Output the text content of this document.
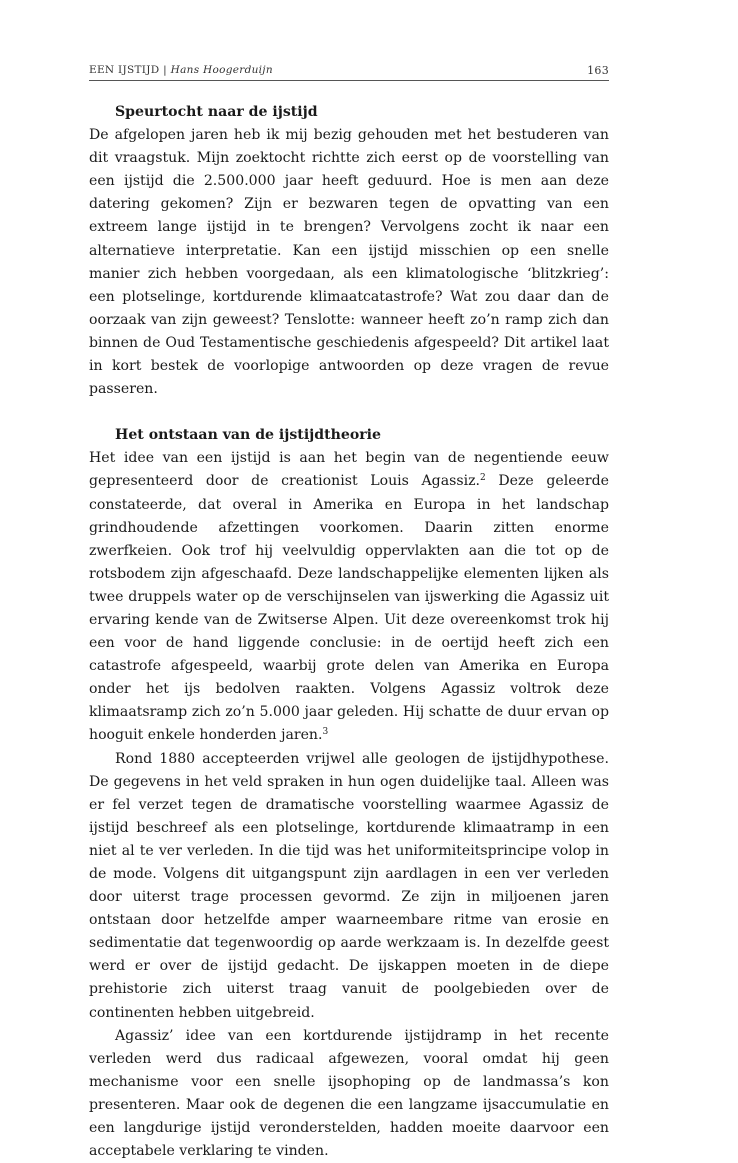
EEN IJSTIJD | Hans Hoogerduijn	163
Speurtocht naar de ijstijd

De afgelopen jaren heb ik mij bezig gehouden met het bestuderen van dit vraagstuk. Mijn zoektocht richtte zich eerst op de voorstelling van een ijstijd die 2.500.000 jaar heeft geduurd. Hoe is men aan deze datering gekomen? Zijn er bezwaren tegen de opvatting van een extreem lange ijstijd in te brengen? Vervolgens zocht ik naar een alternatieve interpretatie. Kan een ijstijd misschien op een snelle manier zich hebben voorgedaan, als een klimatologische ‘blitzkrieg’: een plotselinge, kortdurende klimaatcatastrofe? Wat zou daar dan de oorzaak van zijn geweest? Tenslotte: wanneer heeft zo’n ramp zich dan binnen de Oud Testamentische geschiedenis afgespeeld? Dit artikel laat in kort bestek de voorlopige antwoorden op deze vragen de revue passeren.

Het ontstaan van de ijstijdtheorie

Het idee van een ijstijd is aan het begin van de negentiende eeuw gepresenteerd door de creationist Louis Agassiz.$^2$ Deze geleerde constateerde, dat overal in Amerika en Europa in het landschap grindhoudende afzettingen voorkomen. Daarin zitten enorme zwerfkeien. Ook trof hij veelvuldig oppervlakten aan die tot op de rotsbodem zijn afgeschaafd. Deze landschappelijke elementen lijken als twee druppels water op de verschijnselen van ijswerking die Agassiz uit ervaring kende van de Zwitserse Alpen. Uit deze overeenkomst trok hij een voor de hand liggende conclusie: in de oertijd heeft zich een catastrofe afgespeeld, waarbij grote delen van Amerika en Europa onder het ijs bedolven raakten. Volgens Agassiz voltrok deze klimaatsramp zich zo’n 5.000 jaar geleden. Hij schatte de duur ervan op hooguit enkele honderden jaren.$^3$

Rond 1880 accepteerden vrijwel alle geologen de ijstijdhypothese. De gegevens in het veld spraken in hun ogen duidelijke taal. Alleen was er fel verzet tegen de dramatische voorstelling waarmee Agassiz de ijstijd beschreef als een plotselinge, kortdurende klimaatramp in een niet al te ver verleden. In die tijd was het uniformiteitsprincipe volop in de mode. Volgens dit uitgangspunt zijn aardlagen in een ver verleden door uiterst trage processen gevormd. Ze zijn in miljoenen jaren ontstaan door hetzelfde amper waarneembare ritme van erosie en sedimentatie dat tegenwoordig op aarde werkzaam is. In dezelfde geest werd er over de ijstijd gedacht. De ijskappen moeten in de diepe prehistorie zich uiterst traag vanuit de poolgebieden over de continenten hebben uitgebreid.

Agassiz’ idee van een kortdurende ijstijdramp in het recente verleden werd dus radicaal afgewezen, vooral omdat hij geen mechanisme voor een snelle ijsophoping op de landmassa’s kon presenteren. Maar ook de degenen die een langzame ijsaccumulatie en een langdurige ijstijd veronderstelden, hadden moeite daarvoor een acceptabele verklaring te vinden.
